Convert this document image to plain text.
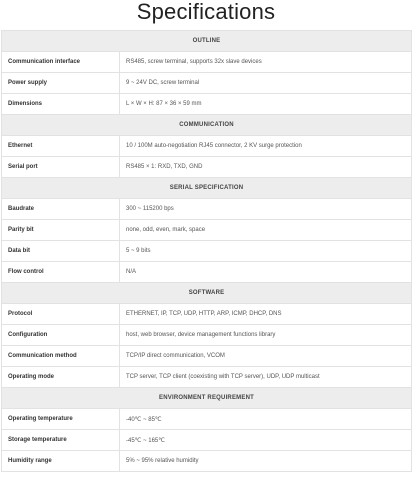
Specifications
OUTLINE	
Communication interface	RS485, screw terminal, supports 32x slave devices
Power supply	9 ~ 24V DC, screw terminal
Dimensions	L × W × H: 87 × 36 × 59 mm
COMMUNICATION	
Ethernet	10 / 100M auto-negotiation RJ45 connector, 2 KV surge protection
Serial port	RS485 × 1: RXD, TXD, GND
SERIAL SPECIFICATION	
Baudrate	300 ~ 115200 bps
Parity bit	none, odd, even, mark, space
Data bit	5 ~ 9 bits
Flow control	N/A
SOFTWARE	
Protocol	ETHERNET, IP, TCP, UDP, HTTP, ARP, ICMP, DHCP, DNS
Configuration	host, web browser, device management functions library
Communication method	TCP/IP direct communication, VCOM
Operating mode	TCP server, TCP client (coexisting with TCP server), UDP, UDP multicast
ENVIRONMENT REQUIREMENT	
Operating temperature	-40℃ ~ 85℃
Storage temperature	-45℃ ~ 165℃
Humidity range	5% ~ 95% relative humidity
